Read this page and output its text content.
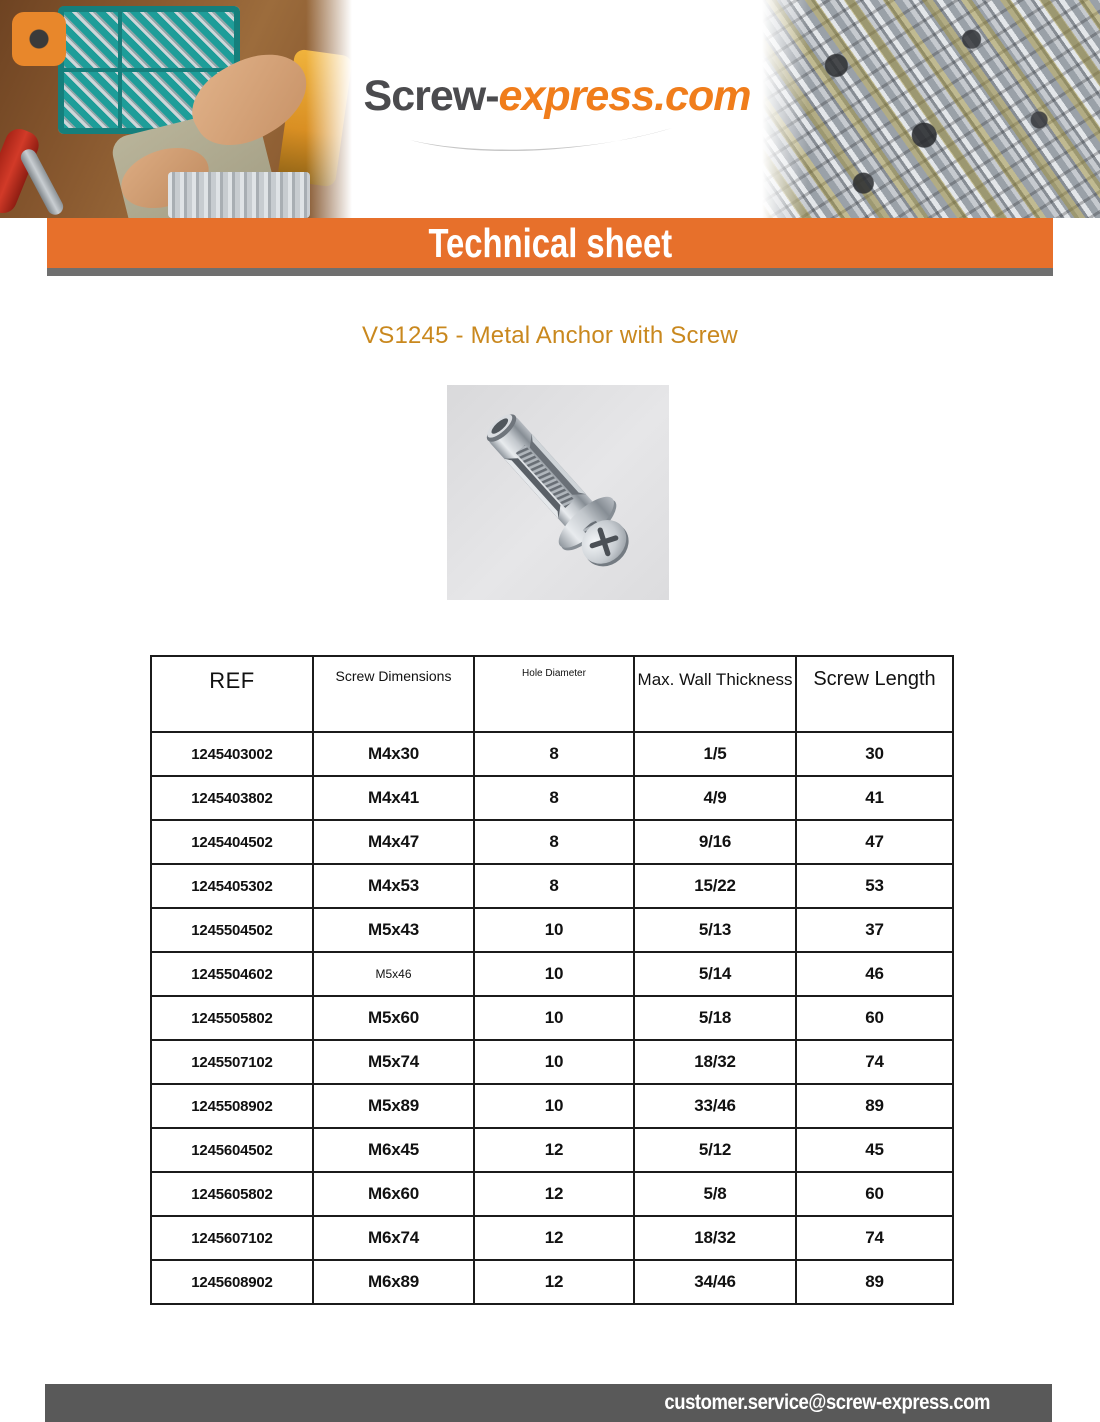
Screw-express.com
Technical sheet
VS1245 - Metal Anchor with Screw
REF	Screw Dimensions	Hole Diameter	Max. Wall Thickness	Screw Length
1245403002	M4x30	8	1/5	30
1245403802	M4x41	8	4/9	41
1245404502	M4x47	8	9/16	47
1245405302	M4x53	8	15/22	53
1245504502	M5x43	10	5/13	37
1245504602	M5x46	10	5/14	46
1245505802	M5x60	10	5/18	60
1245507102	M5x74	10	18/32	74
1245508902	M5x89	10	33/46	89
1245604502	M6x45	12	5/12	45
1245605802	M6x60	12	5/8	60
1245607102	M6x74	12	18/32	74
1245608902	M6x89	12	34/46	89
customer.service@screw-express.com
